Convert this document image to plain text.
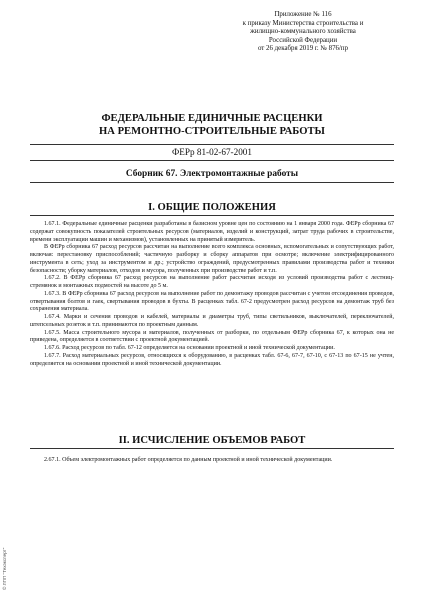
Приложение № 116
к приказу Министерства строительства и
жилищно-коммунального хозяйства
Российской Федерации
от 26 декабря 2019 г. № 876/пр
ФЕДЕРАЛЬНЫЕ ЕДИНИЧНЫЕ РАСЦЕНКИ
НА РЕМОНТНО-СТРОИТЕЛЬНЫЕ РАБОТЫ
ФЕРр 81-02-67-2001
Сборник 67. Электромонтажные работы
I. ОБЩИЕ ПОЛОЖЕНИЯ

1.67.1. Федеральные единичные расценки разработаны в базисном уровне цен по состоянию на 1 января 2000 года. ФЕРр сборника 67 содержат совокупность показателей строительных ресурсов (материалов, изделий и конструкций, затрат труда рабочих в строительстве, времени эксплуатации машин и механизмов), установленных на принятый измеритель.

В ФЕРр сборника 67 расход ресурсов рассчитан на выполнение всего комплекса основных, вспомогательных и сопутствующих работ, включая: перестановку приспособлений; частичную разборку и сборку аппаратов при осмотре; включение электрифицированного инструмента в сеть; уход за инструментом и др.; устройство ограждений, предусмотренных правилами производства работ и техники безопасности; уборку материалов, отходов и мусора, полученных при производстве работ и т.п.

1.67.2. В ФЕРр сборника 67 расход ресурсов на выполнение работ рассчитан исходя из условий производства работ с лестниц-стремянок и монтажных подмостей на высоте до 5 м.

1.67.3. В ФЕРр сборника 67 расход ресурсов на выполнение работ по демонтажу проводов рассчитан с учетом отсоединения проводов, отвертывания болтов и гаек, свертывания проводов в бухты. В расценках табл. 67-2 предусмотрен расход ресурсов на демонтаж труб без сохранения материала.

1.67.4. Марки и сечения проводов и кабелей, материалы и диаметры труб, типы светильников, выключателей, переключателей, штепсельных розеток и т.п. принимаются по проектным данным.

1.67.5. Масса строительного мусора и материалов, полученных от разборки, по отдельным ФЕРр сборника 67, к которых она не приведена, определяется в соответствии с проектной документацией.

1.67.6. Расход ресурсов по табл. 67-12 определяется на основании проектной и иной технической документации.

1.67.7. Расход материальных ресурсов, относящихся к оборудованию, в расценках табл. 67-6, 67-7, 67-10, с 67-13 по 67-15 не учтен, определяется на основании проектной и иной технической документации.

II. ИСЧИСЛЕНИЕ ОБЪЕМОВ РАБОТ

2.67.1. Объем электромонтажных работ определяется по данным проектной и иной технической документации.

© ЛПП "Техэксперт"
